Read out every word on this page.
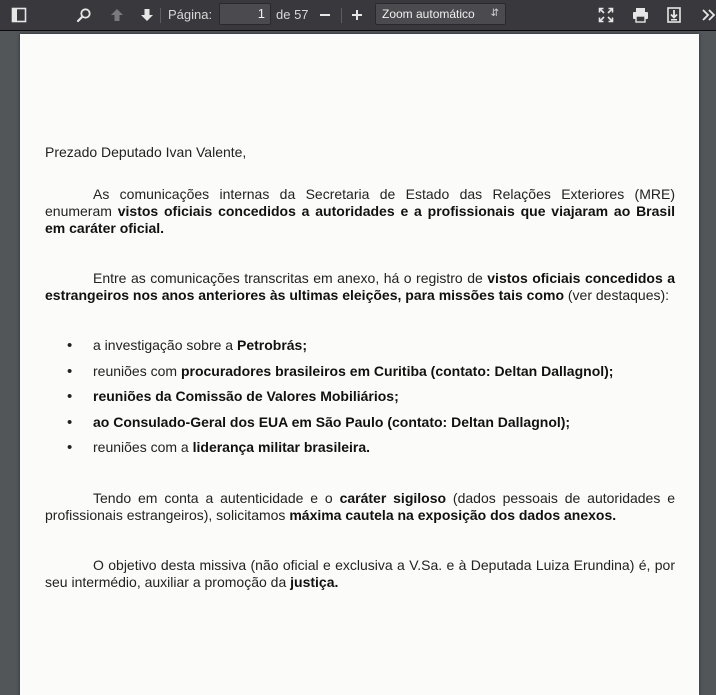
Página:	1 de 57	Zoom automático ⇵

Prezado Deputado Ivan Valente,

As comunicações internas da Secretaria de Estado das Relações Exteriores (MRE) enumeram vistos oficiais concedidos a autoridades e a profissionais que viajaram ao Brasil em caráter oficial.

Entre as comunicações transcritas em anexo, há o registro de vistos oficiais concedidos a estrangeiros nos anos anteriores às ultimas eleições, para missões tais como (ver destaques):

• a investigação sobre a Petrobrás;
• reuniões com procuradores brasileiros em Curitiba (contato: Deltan Dallagnol);
• reuniões da Comissão de Valores Mobiliários;
• ao Consulado-Geral dos EUA em São Paulo (contato: Deltan Dallagnol);
• reuniões com a liderança militar brasileira.

Tendo em conta a autenticidade e o caráter sigiloso (dados pessoais de autoridades e profissionais estrangeiros), solicitamos máxima cautela na exposição dos dados anexos.

O objetivo desta missiva (não oficial e exclusiva a V.Sa. e à Deputada Luiza Erundina) é, por seu intermédio, auxiliar a promoção da justiça.
